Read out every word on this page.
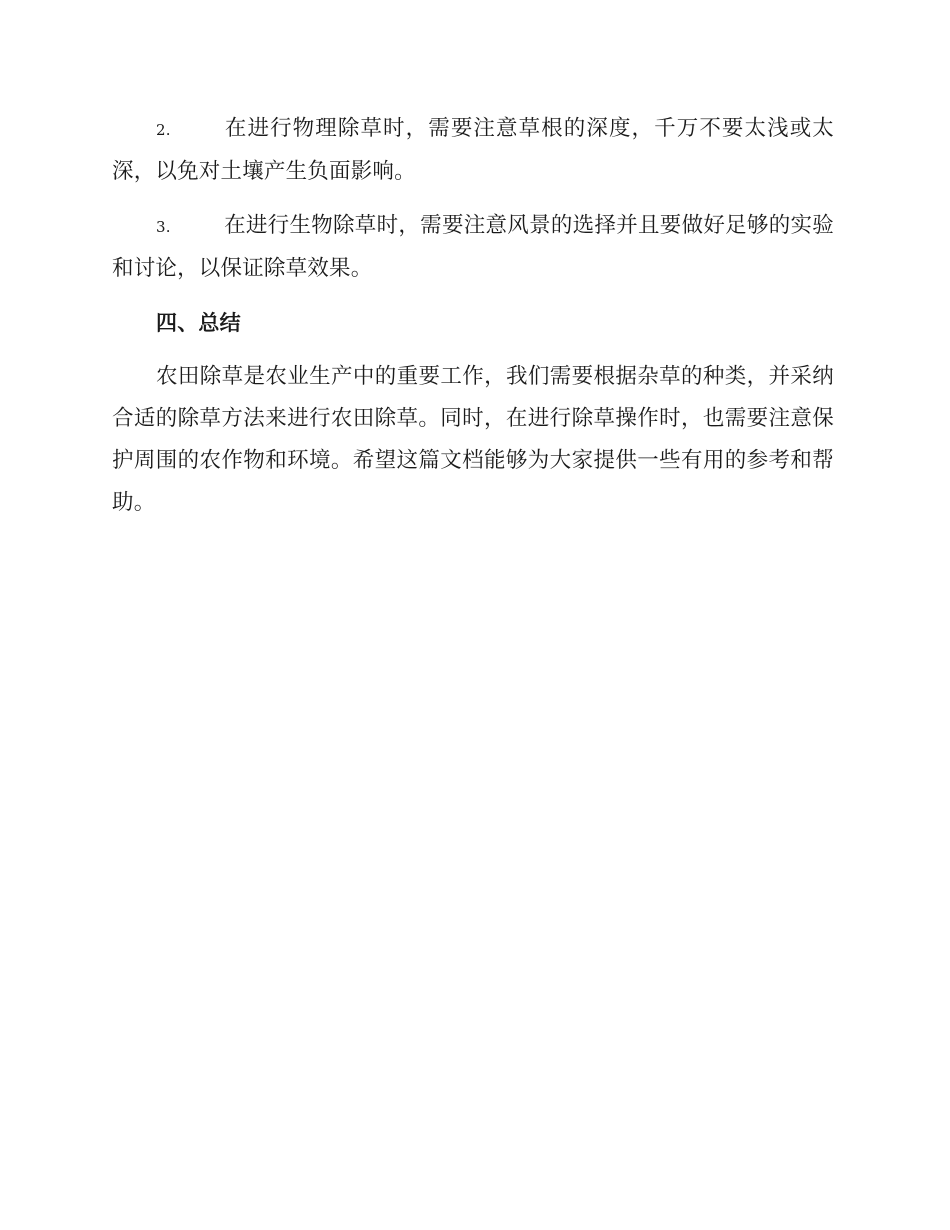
2. 在进行物理除草时，需要注意草根的深度，千万不要太浅或太深，以免对土壤产生负面影响。

3. 在进行生物除草时，需要注意风景的选择并且要做好足够的实验和讨论，以保证除草效果。

四、总结

农田除草是农业生产中的重要工作，我们需要根据杂草的种类，并采纳合适的除草方法来进行农田除草。同时，在进行除草操作时，也需要注意保护周围的农作物和环境。希望这篇文档能够为大家提供一些有用的参考和帮助。
